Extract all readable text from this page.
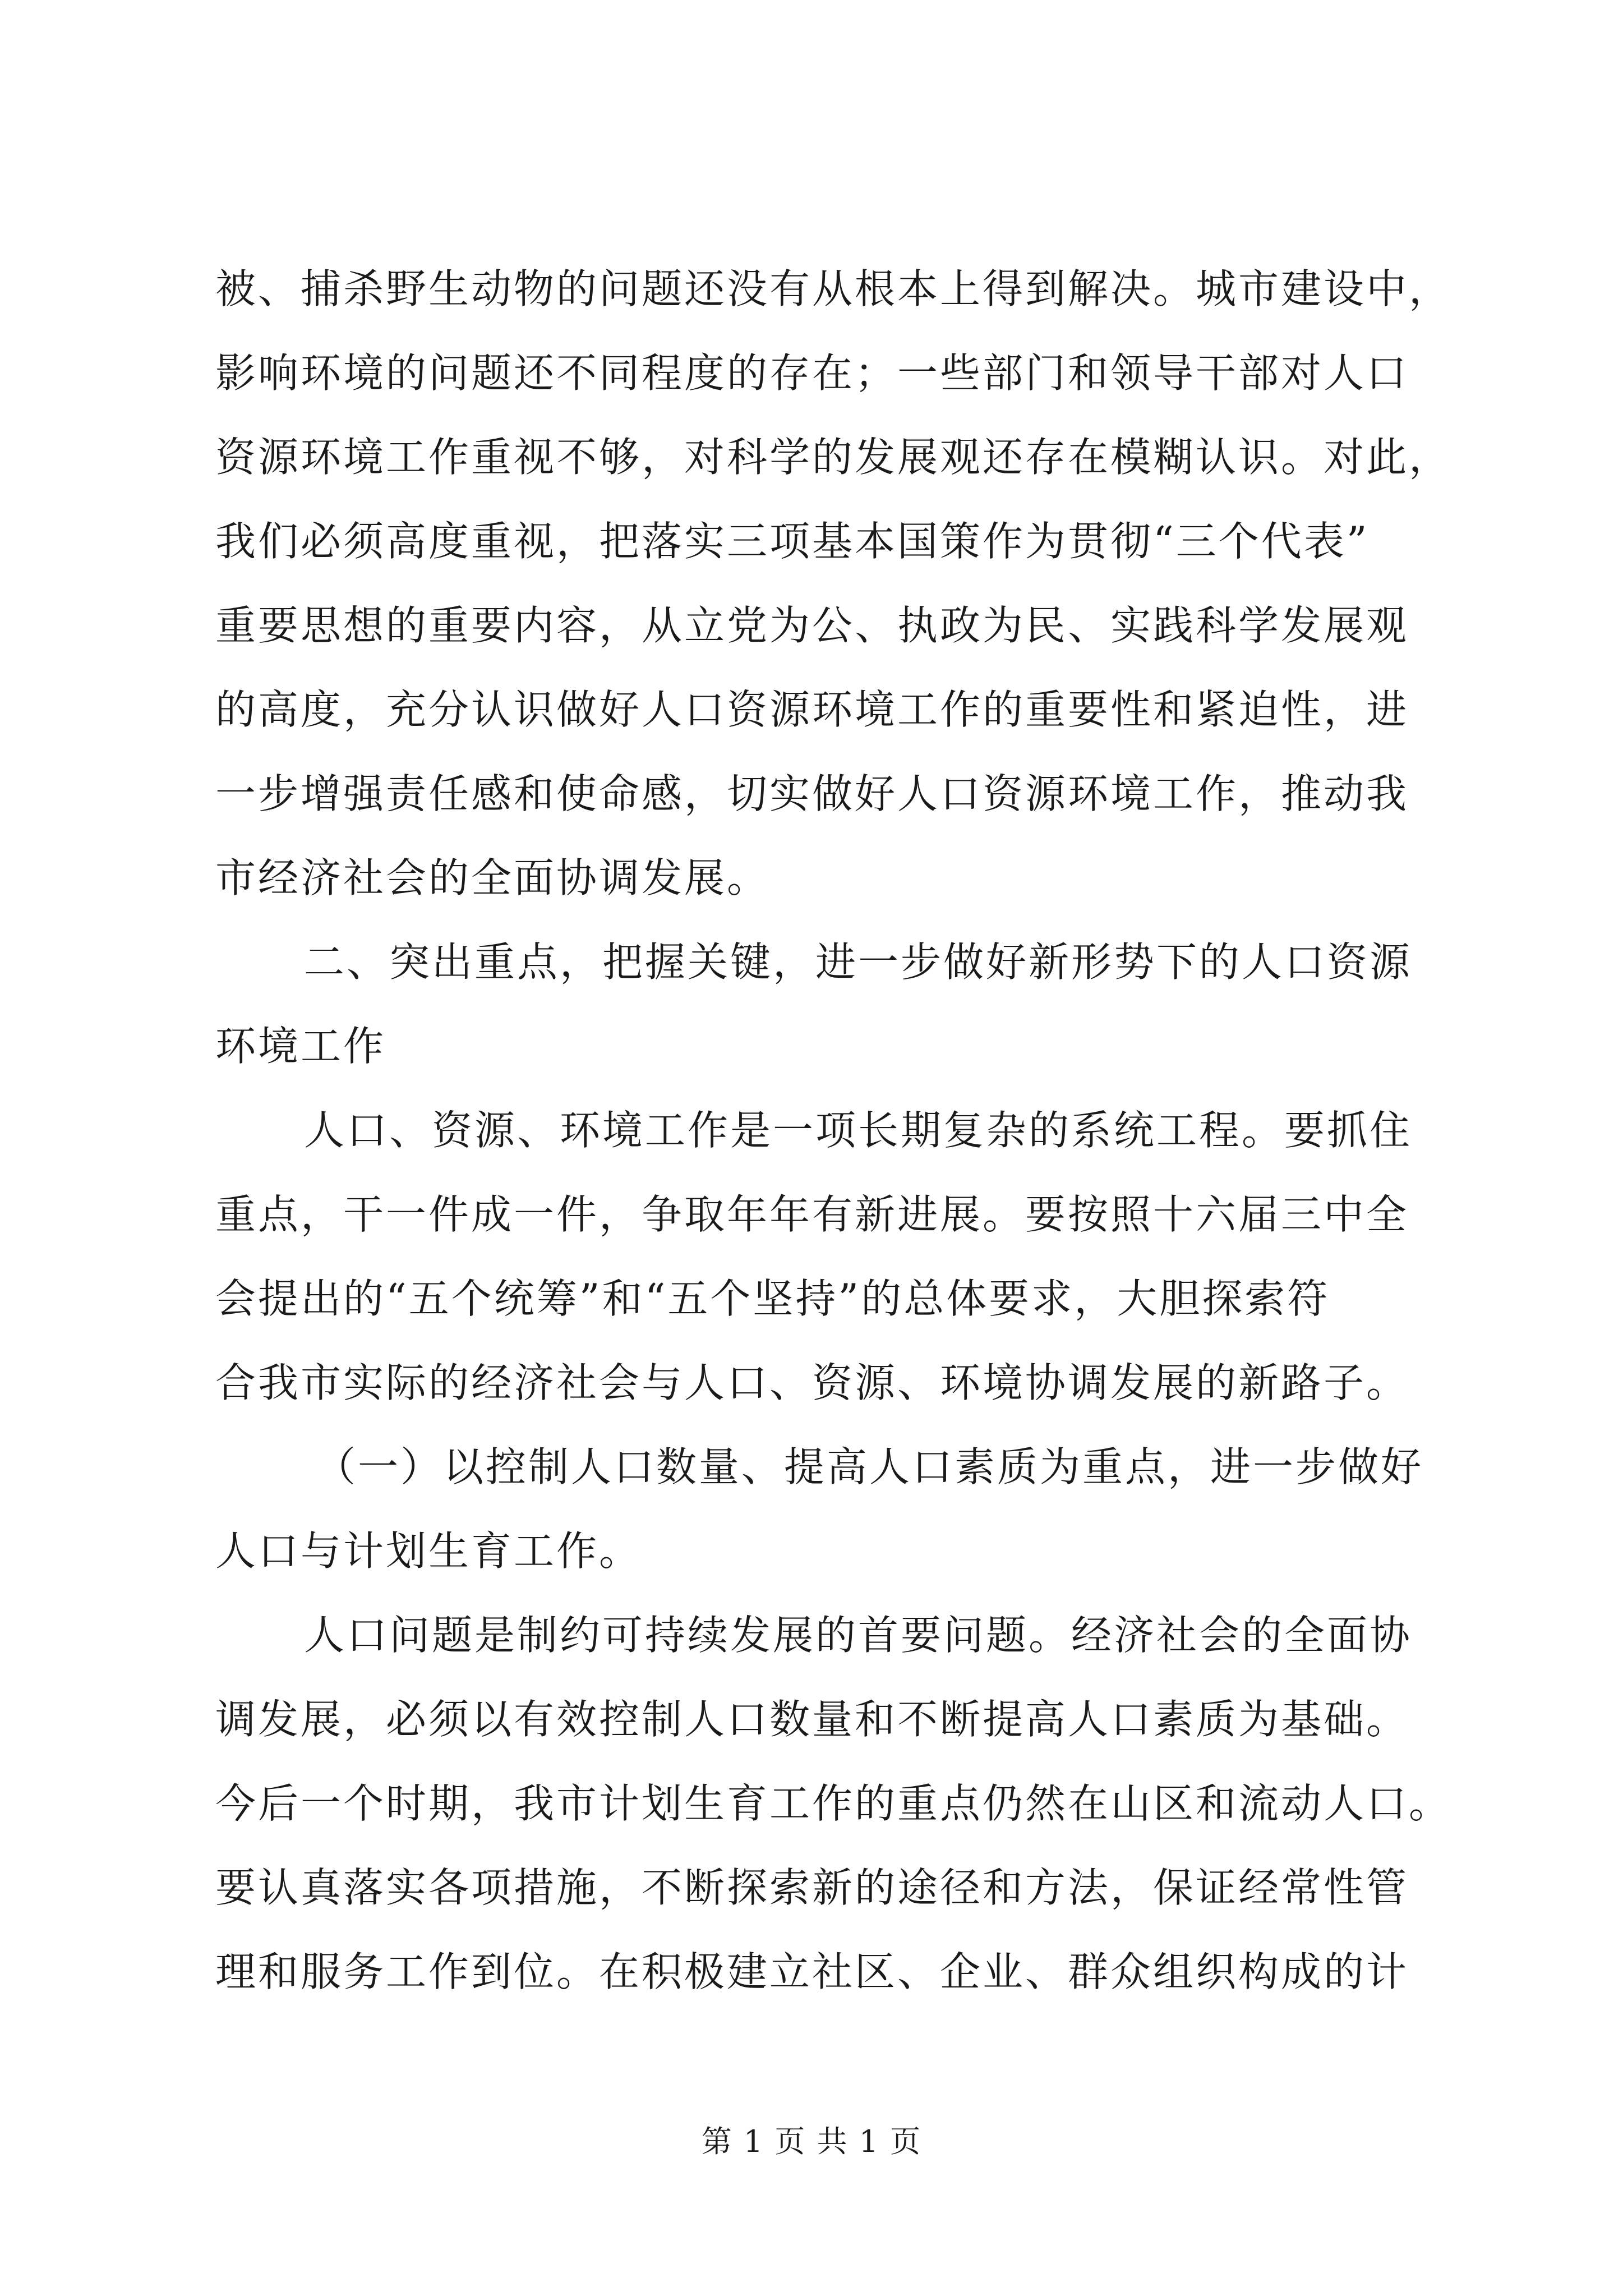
被、捕杀野生动物的问题还没有从根本上得到解决。城市建设中，
影响环境的问题还不同程度的存在；一些部门和领导干部对人口
资源环境工作重视不够，对科学的发展观还存在模糊认识。对此，
我们必须高度重视，把落实三项基本国策作为贯彻“三个代表”
重要思想的重要内容，从立党为公、执政为民、实践科学发展观
的高度，充分认识做好人口资源环境工作的重要性和紧迫性，进
一步增强责任感和使命感，切实做好人口资源环境工作，推动我
市经济社会的全面协调发展。
二、突出重点，把握关键，进一步做好新形势下的人口资源
环境工作
人口、资源、环境工作是一项长期复杂的系统工程。要抓住
重点，干一件成一件，争取年年有新进展。要按照十六届三中全
会提出的“五个统筹”和“五个坚持”的总体要求，大胆探索符
合我市实际的经济社会与人口、资源、环境协调发展的新路子。
（一）以控制人口数量、提高人口素质为重点，进一步做好
人口与计划生育工作。
人口问题是制约可持续发展的首要问题。经济社会的全面协
调发展，必须以有效控制人口数量和不断提高人口素质为基础。
今后一个时期，我市计划生育工作的重点仍然在山区和流动人口。
要认真落实各项措施，不断探索新的途径和方法，保证经常性管
理和服务工作到位。在积极建立社区、企业、群众组织构成的计
第 1 页 共 1 页
